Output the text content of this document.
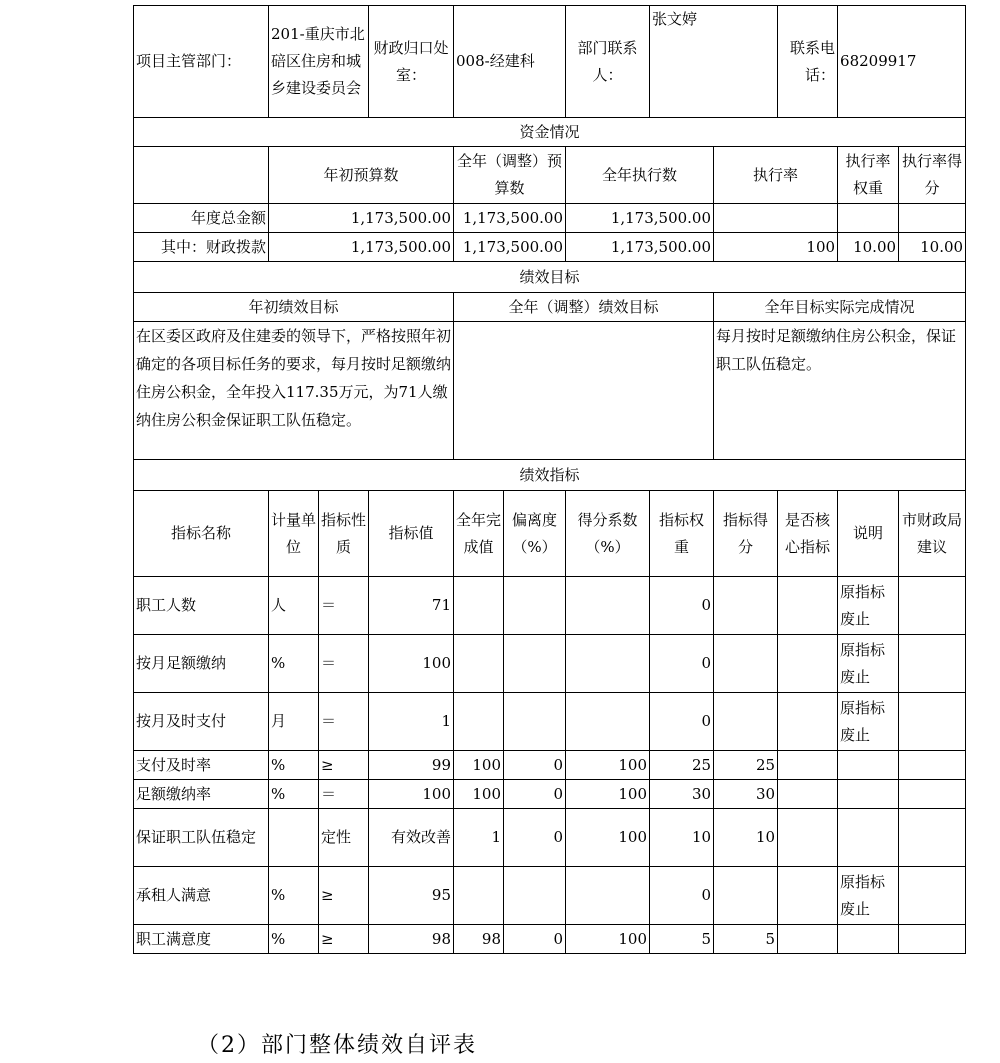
项目主管部门：	201-重庆市北碚区住房和城乡建设委员会		财政归口处室：	008-经建科		部门联系人：	张文婷		联系电话：	68209917	
资金情况											
	年初预算数			全年（调整）预算数		全年执行数		执行率		执行率权重	执行率得分
年度总金额	1,173,500.00			1,173,500.00		1,173,500.00					
其中：财政拨款	1,173,500.00			1,173,500.00		1,173,500.00		100		10.00	10.00
绩效目标											
年初绩效目标				全年（调整）绩效目标				全年目标实际完成情况			
在区委区政府及住建委的领导下，严格按照年初确定的各项目标任务的要求，每月按时足额缴纳住房公积金，全年投入117.35万元，为71人缴纳住房公积金保证职工队伍稳定。								每月按时足额缴纳住房公积金，保证职工队伍稳定。			
绩效指标											
指标名称	计量单位	指标性质	指标值	全年完成值	偏离度（%）	得分系数（%）	指标权重	指标得分	是否核心指标	说明	市财政局建议
职工人数	人	＝	71				0			原指标废止	
按月足额缴纳	%	＝	100				0			原指标废止	
按月及时支付	月	＝	1				0			原指标废止	
支付及时率	%	≥	99	100	0	100	25	25			
足额缴纳率	%	＝	100	100	0	100	30	30			
保证职工队伍稳定		定性	有效改善	1	0	100	10	10			
承租人满意	%	≥	95				0			原指标废止	
职工满意度	%	≥	98	98	0	100	5	5			
（2）部门整体绩效自评表
